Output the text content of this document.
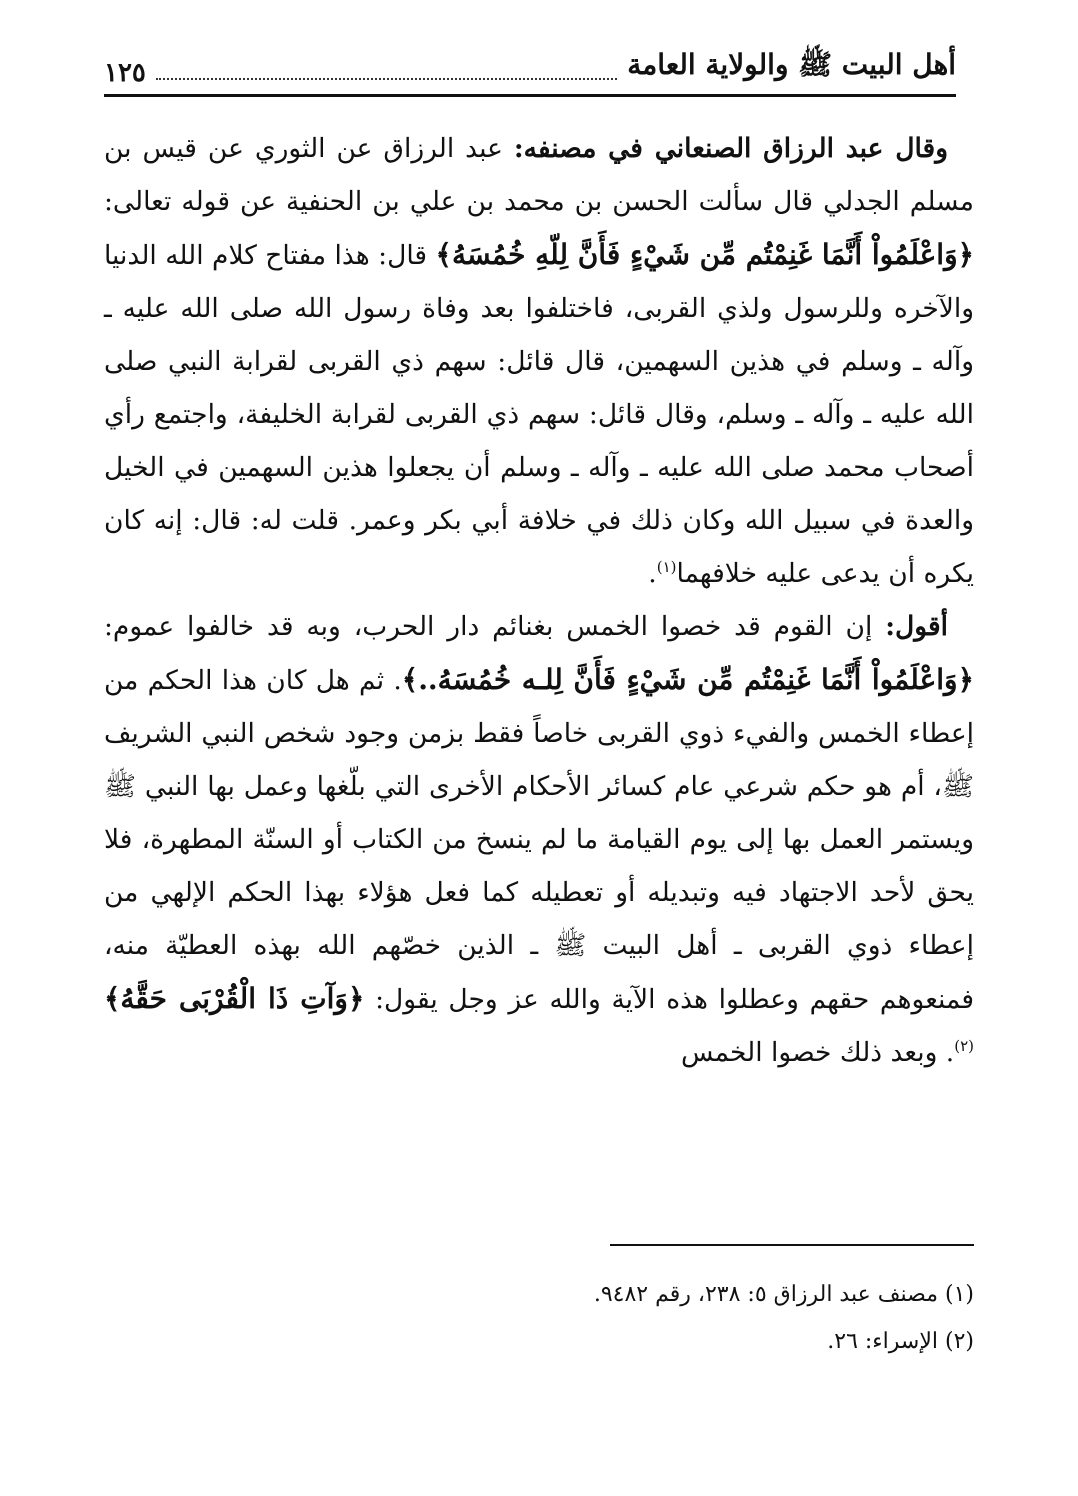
أهل البيت ﷺ والولاية العامة
١٢٥

وقال عبد الرزاق الصنعاني في مصنفه: عبد الرزاق عن الثوري عن قيس بن مسلم الجدلي قال سألت الحسن بن محمد بن علي بن الحنفية عن قوله تعالى: ﴿وَاعْلَمُواْ أَنَّمَا غَنِمْتُم مِّن شَيْءٍ فَأَنَّ لِلّهِ خُمُسَهُ﴾ قال: هذا مفتاح كلام الله الدنيا والآخره وللرسول ولذي القربى، فاختلفوا بعد وفاة رسول الله صلى الله عليه ـ وآله ـ وسلم في هذين السهمين، قال قائل: سهم ذي القربى لقرابة النبي صلى الله عليه ـ وآله ـ وسلم، وقال قائل: سهم ذي القربى لقرابة الخليفة، واجتمع رأي أصحاب محمد صلى الله عليه ـ وآله ـ وسلم أن يجعلوا هذين السهمين في الخيل والعدة في سبيل الله وكان ذلك في خلافة أبي بكر وعمر. قلت له: قال: إنه كان يكره أن يدعى عليه خلافهما$^{(١)}$.

أقول: إن القوم قد خصوا الخمس بغنائم دار الحرب، وبه قد خالفوا عموم: ﴿وَاعْلَمُواْ أَنَّمَا غَنِمْتُم مِّن شَيْءٍ فَأَنَّ لِلـه خُمُسَهُ..﴾. ثم هل كان هذا الحكم من إعطاء الخمس والفيء ذوي القربى خاصاً فقط بزمن وجود شخص النبي الشريف ﷺ، أم هو حكم شرعي عام كسائر الأحكام الأخرى التي بلّغها وعمل بها النبي ﷺ ويستمر العمل بها إلى يوم القيامة ما لم ينسخ من الكتاب أو السنّة المطهرة، فلا يحق لأحد الاجتهاد فيه وتبديله أو تعطيله كما فعل هؤلاء بهذا الحكم الإلهي من إعطاء ذوي القربى ـ أهل البيت ﷺ ـ الذين خصّهم الله بهذه العطيّة منه، فمنعوهم حقهم وعطلوا هذه الآية والله عز وجل يقول: ﴿وَآتِ ذَا الْقُرْبَى حَقَّهُ﴾ $^{(٢)}$. وبعد ذلك خصوا الخمس

(١) مصنف عبد الرزاق ٥: ٢٣٨، رقم ٩٤٨٢.
(٢) الإسراء: ٢٦.
